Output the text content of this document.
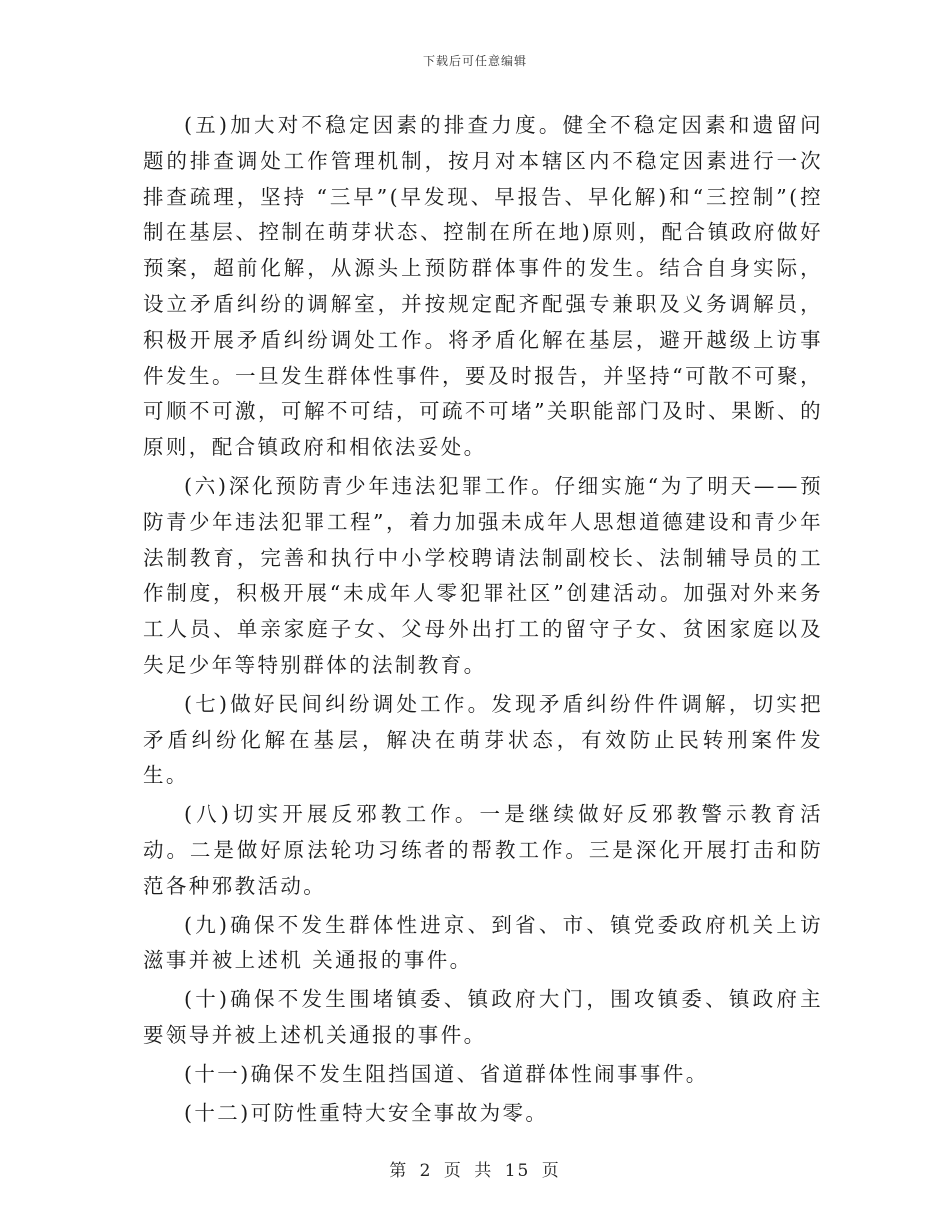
下载后可任意编辑

(五)加大对不稳定因素的排查力度。健全不稳定因素和遗留问题的排查调处工作管理机制，按月对本辖区内不稳定因素进行一次排查疏理，坚持 “三早”(早发现、早报告、早化解)和“三控制”(控制在基层、控制在萌芽状态、控制在所在地)原则，配合镇政府做好预案，超前化解，从源头上预防群体事件的发生。结合自身实际，设立矛盾纠纷的调解室，并按规定配齐配强专兼职及义务调解员，积极开展矛盾纠纷调处工作。将矛盾化解在基层，避开越级上访事件发生。一旦发生群体性事件，要及时报告，并坚持“可散不可聚，可顺不可激，可解不可结，可疏不可堵”关职能部门及时、果断、的原则，配合镇政府和相依法妥处。

(六)深化预防青少年违法犯罪工作。仔细实施“为了明天——预防青少年违法犯罪工程”，着力加强未成年人思想道德建设和青少年法制教育，完善和执行中小学校聘请法制副校长、法制辅导员的工作制度，积极开展“未成年人零犯罪社区”创建活动。加强对外来务工人员、单亲家庭子女、父母外出打工的留守子女、贫困家庭以及失足少年等特别群体的法制教育。

(七)做好民间纠纷调处工作。发现矛盾纠纷件件调解，切实把矛盾纠纷化解在基层，解决在萌芽状态，有效防止民转刑案件发生。

(八)切实开展反邪教工作。一是继续做好反邪教警示教育活动。二是做好原法轮功习练者的帮教工作。三是深化开展打击和防范各种邪教活动。

(九)确保不发生群体性进京、到省、市、镇党委政府机关上访滋事并被上述机 关通报的事件。

(十)确保不发生围堵镇委、镇政府大门，围攻镇委、镇政府主要领导并被上述机关通报的事件。

(十一)确保不发生阻挡国道、省道群体性闹事事件。

(十二)可防性重特大安全事故为零。

第 2 页 共 15 页
